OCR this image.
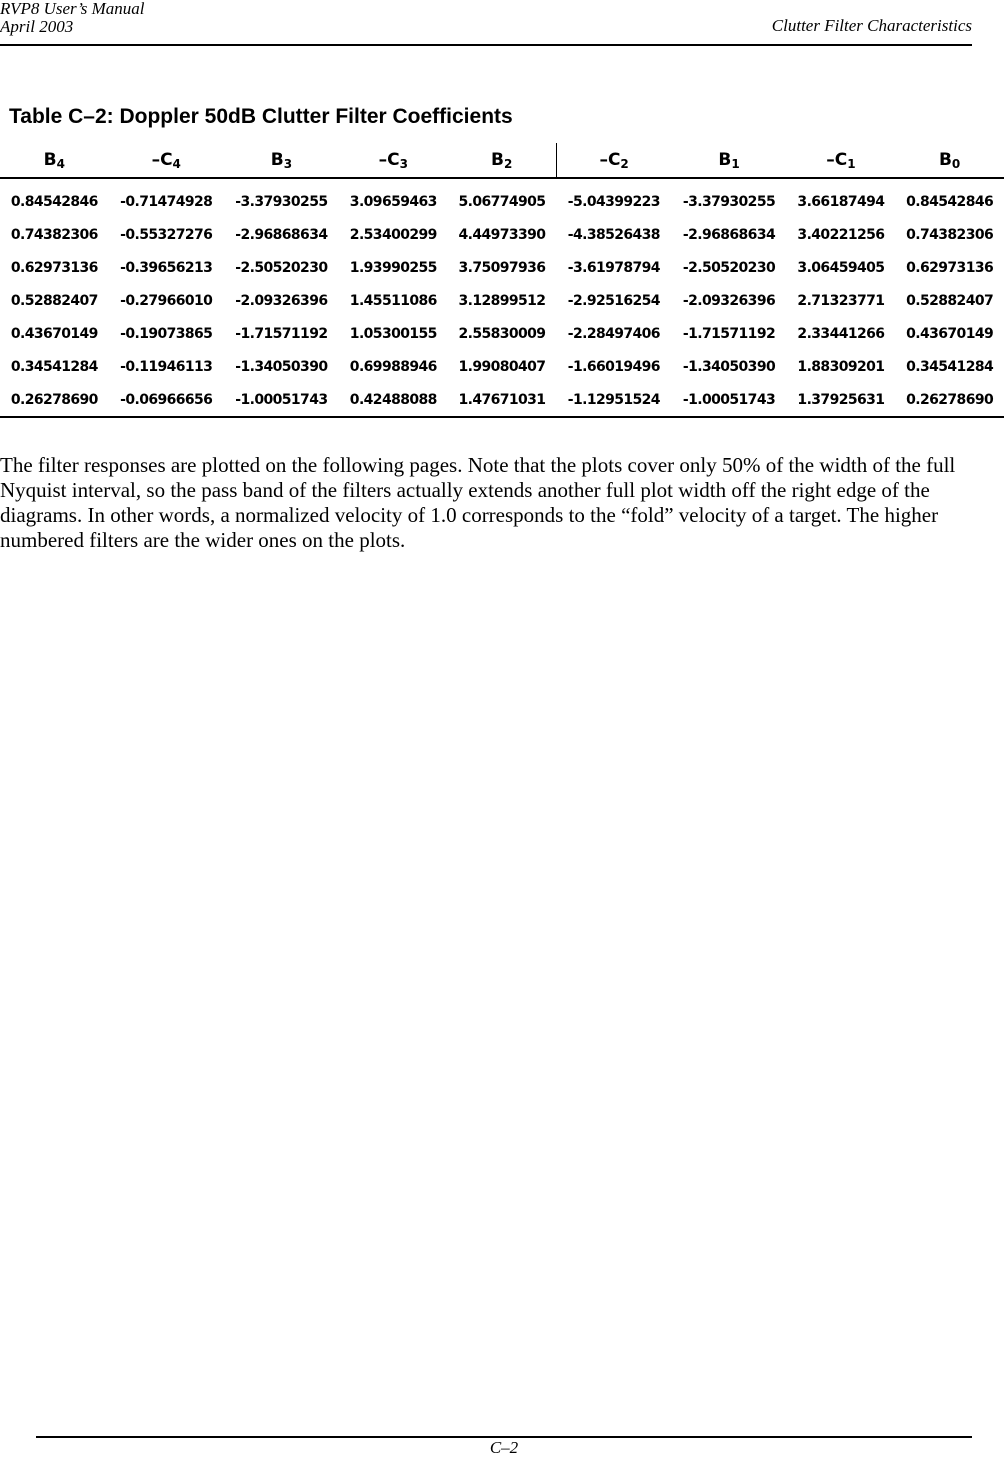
RVP8 User’s Manual
April 2003	Clutter Filter Characteristics
Table C–2: Doppler 50dB Clutter Filter Coefficients
$B_4$	$-C_4$	$B_3$	$-C_3$	$B_2$	$-C_2$	$B_1$	$-C_1$	$B_0$
0.84542846	-0.71474928	-3.37930255	3.09659463	5.06774905	-5.04399223	-3.37930255	3.66187494	0.84542846
0.74382306	-0.55327276	-2.96868634	2.53400299	4.44973390	-4.38526438	-2.96868634	3.40221256	0.74382306
0.62973136	-0.39656213	-2.50520230	1.93990255	3.75097936	-3.61978794	-2.50520230	3.06459405	0.62973136
0.52882407	-0.27966010	-2.09326396	1.45511086	3.12899512	-2.92516254	-2.09326396	2.71323771	0.52882407
0.43670149	-0.19073865	-1.71571192	1.05300155	2.55830009	-2.28497406	-1.71571192	2.33441266	0.43670149
0.34541284	-0.11946113	-1.34050390	0.69988946	1.99080407	-1.66019496	-1.34050390	1.88309201	0.34541284
0.26278690	-0.06966656	-1.00051743	0.42488088	1.47671031	-1.12951524	-1.00051743	1.37925631	0.26278690

The filter responses are plotted on the following pages. Note that the plots cover only 50% of the width of the full Nyquist interval, so the pass band of the filters actually extends another full plot width off the right edge of the diagrams. In other words, a normalized velocity of 1.0 corresponds to the “fold” velocity of a target. The higher numbered filters are the wider ones on the plots.

C–2
